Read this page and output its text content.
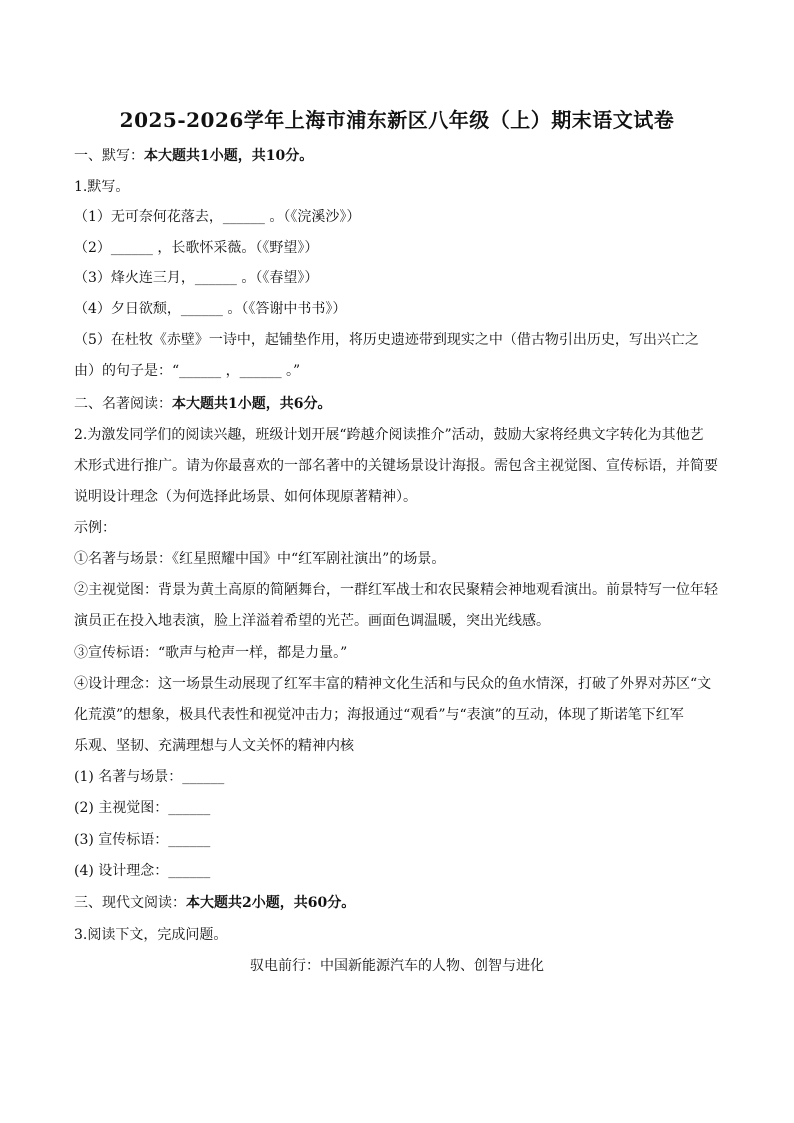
2025-2026学年上海市浦东新区八年级（上）期末语文试卷
一、默写：本大题共1小题，共10分。
1.默写。
（1）无可奈何花落去，______ 。（《浣溪沙》）
（2）______ ，长歌怀采薇。（《野望》）
（3）烽火连三月，______ 。（《春望》）
（4）夕日欲颓，______ 。（《答谢中书书》）
（5）在杜牧《赤壁》一诗中，起铺垫作用，将历史遗迹带到现实之中（借古物引出历史，写出兴亡之
由）的句子是：“______ ，______ 。”
二、名著阅读：本大题共1小题，共6分。
2.为激发同学们的阅读兴趣，班级计划开展“跨越介阅读推介”活动，鼓励大家将经典文字转化为其他艺
术形式进行推广。请为你最喜欢的一部名著中的关键场景设计海报。需包含主视觉图、宣传标语，并简要
说明设计理念（为何选择此场景、如何体现原著精神）。
示例：
①名著与场景：《红星照耀中国》中“红军剧社演出”的场景。
②主视觉图：背景为黄土高原的简陋舞台，一群红军战士和农民聚精会神地观看演出。前景特写一位年轻
演员正在投入地表演，脸上洋溢着希望的光芒。画面色调温暖，突出光线感。
③宣传标语：“歌声与枪声一样，都是力量。”
④设计理念：这一场景生动展现了红军丰富的精神文化生活和与民众的鱼水情深，打破了外界对苏区“文
化荒漠”的想象，极具代表性和视觉冲击力；海报通过“观看”与“表演”的互动，体现了斯诺笔下红军
乐观、坚韧、充满理想与人文关怀的精神内核
(1) 名著与场景：______
(2) 主视觉图：______
(3) 宣传标语：______
(4) 设计理念：______
三、现代文阅读：本大题共2小题，共60分。
3.阅读下文，完成问题。
驭电前行：中国新能源汽车的人物、创智与进化
